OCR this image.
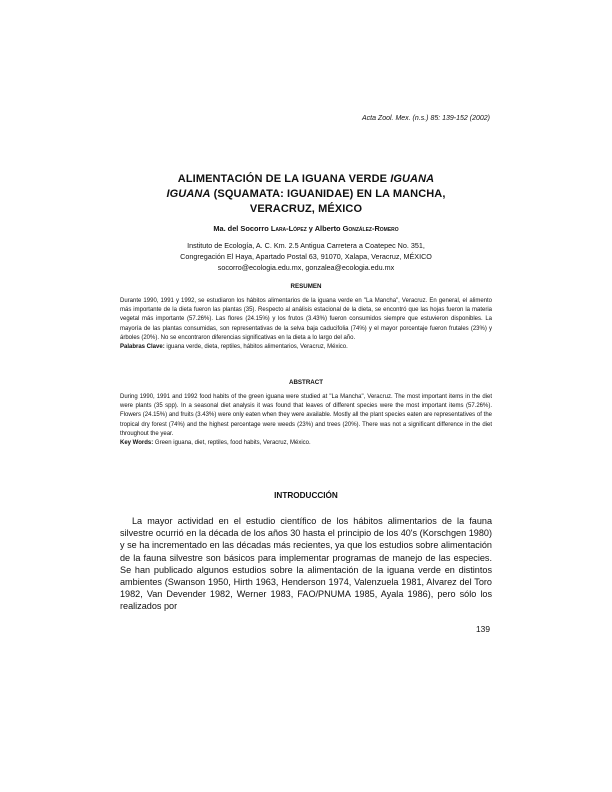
Acta Zool. Mex. (n.s.) 85: 139-152 (2002)
ALIMENTACIÓN DE LA IGUANA VERDE IGUANA
IGUANA (SQUAMATA: IGUANIDAE) EN LA MANCHA,
VERACRUZ, MÉXICO
Ma. del Socorro Lara-López y Alberto González-Romero
Instituto de Ecología, A. C. Km. 2.5 Antigua Carretera a Coatepec No. 351,
Congregación El Haya, Apartado Postal 63, 91070, Xalapa, Veracruz, MÉXICO
socorro@ecologia.edu.mx, gonzalea@ecologia.edu.mx
RESUMEN
Durante 1990, 1991 y 1992, se estudiaron los hábitos alimentarios de la iguana verde en "La Mancha", Veracruz. En general, el alimento más importante de la dieta fueron las plantas (35). Respecto al análisis estacional de la dieta, se encontró que las hojas fueron la materia vegetal más importante (57.26%). Las flores (24.15%) y los frutos (3.43%) fueron consumidos siempre que estuvieron disponibles. La mayoría de las plantas consumidas, son representativas de la selva baja caducifolia (74%) y el mayor porcentaje fueron frutales (23%) y árboles (20%). No se encontraron diferencias significativas en la dieta a lo largo del año.
Palabras Clave: iguana verde, dieta, reptiles, hábitos alimentarios, Veracruz, México.
ABSTRACT
During 1990, 1991 and 1992 food habits of the green iguana were studied at "La Mancha", Veracruz. The most important items in the diet were plants (35 spp). In a seasonal diet analysis it was found that leaves of different species were the most important items (57.26%). Flowers (24.15%) and fruits (3.43%) were only eaten when they were available. Mostly all the plant species eaten are representatives of the tropical dry forest (74%) and the highest percentage were weeds (23%) and trees (20%). There was not a significant difference in the diet throughout the year.
Key Words: Green iguana, diet, reptiles, food habits, Veracruz, México.
INTRODUCCIÓN
La mayor actividad en el estudio científico de los hábitos alimentarios de la fauna silvestre ocurrió en la década de los años 30 hasta el principio de los 40's (Korschgen 1980) y se ha incrementado en las décadas más recientes, ya que los estudios sobre alimentación de la fauna silvestre son básicos para implementar programas de manejo de las especies. Se han publicado algunos estudios sobre la alimentación de la iguana verde en distintos ambientes (Swanson 1950, Hirth 1963, Henderson 1974, Valenzuela 1981, Alvarez del Toro 1982, Van Devender 1982, Werner 1983, FAO/PNUMA 1985, Ayala 1986), pero sólo los realizados por
139
